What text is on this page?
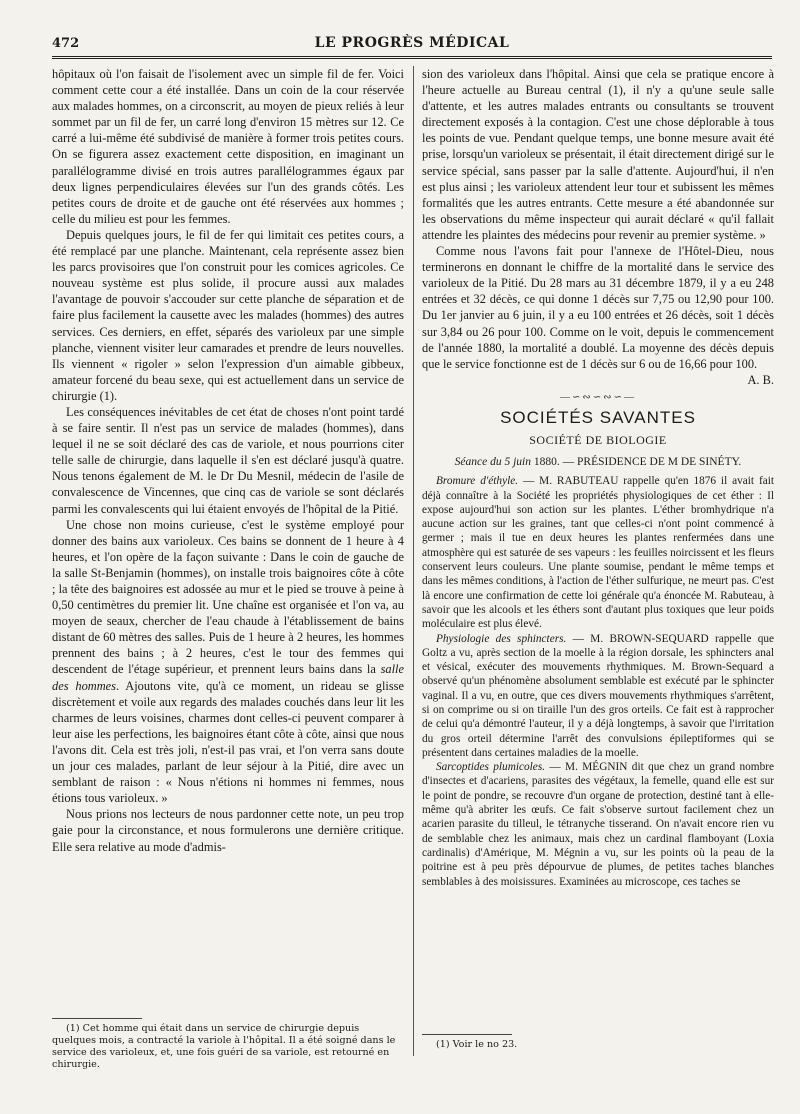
472	LE PROGRÈS MÉDICAL

hôpitaux où l'on faisait de l'isolement avec un simple fil de fer. Voici comment cette cour a été installée. Dans un coin de la cour réservée aux malades hommes, on a circonscrit, au moyen de pieux reliés à leur sommet par un fil de fer, un carré long d'environ 15 mètres sur 12. Ce carré a lui-même été subdivisé de manière à former trois petites cours. On se figurera assez exactement cette disposition, en imaginant un parallélogramme divisé en trois autres parallélogrammes égaux par deux lignes perpendiculaires élevées sur l'un des grands côtés. Les petites cours de droite et de gauche ont été réservées aux hommes ; celle du milieu est pour les femmes.

Depuis quelques jours, le fil de fer qui limitait ces petites cours, a été remplacé par une planche. Maintenant, cela représente assez bien les parcs provisoires que l'on construit pour les comices agricoles. Ce nouveau système est plus solide, il procure aussi aux malades l'avantage de pouvoir s'accouder sur cette planche de séparation et de faire plus facilement la causette avec les malades (hommes) des autres services. Ces derniers, en effet, séparés des varioleux par une simple planche, viennent visiter leur camarades et prendre de leurs nouvelles. Ils viennent « rigoler » selon l'expression d'un aimable gibbeux, amateur forcené du beau sexe, qui est actuellement dans un service de chirurgie (1).

Les conséquences inévitables de cet état de choses n'ont point tardé à se faire sentir. Il n'est pas un service de malades (hommes), dans lequel il ne se soit déclaré des cas de variole, et nous pourrions citer telle salle de chirurgie, dans laquelle il s'en est déclaré jusqu'à quatre. Nous tenons également de M. le Dr Du Mesnil, médecin de l'asile de convalescence de Vincennes, que cinq cas de variole se sont déclarés parmi les convalescents qui lui étaient envoyés de l'hôpital de la Pitié.

Une chose non moins curieuse, c'est le système employé pour donner des bains aux varioleux. Ces bains se donnent de 1 heure à 4 heures, et l'on opère de la façon suivante : Dans le coin de gauche de la salle St-Benjamin (hommes), on installe trois baignoires côte à côte ; la tête des baignoires est adossée au mur et le pied se trouve à peine à 0,50 centimètres du premier lit. Une chaîne est organisée et l'on va, au moyen de seaux, chercher de l'eau chaude à l'établissement de bains distant de 60 mètres des salles. Puis de 1 heure à 2 heures, les hommes prennent des bains ; à 2 heures, c'est le tour des femmes qui descendent de l'étage supérieur, et prennent leurs bains dans la salle des hommes. Ajoutons vite, qu'à ce moment, un rideau se glisse discrètement et voile aux regards des malades couchés dans leur lit les charmes de leurs voisines, charmes dont celles-ci peuvent comparer à leur aise les perfections, les baignoires étant côte à côte, ainsi que nous l'avons dit. Cela est très joli, n'est-il pas vrai, et l'on verra sans doute un jour ces malades, parlant de leur séjour à la Pitié, dire avec un semblant de raison : « Nous n'étions ni hommes ni femmes, nous étions tous varioleux. »

Nous prions nos lecteurs de nous pardonner cette note, un peu trop gaie pour la circonstance, et nous formulerons une dernière critique. Elle sera relative au mode d'admis-

(1) Cet homme qui était dans un service de chirurgie depuis quelques mois, a contracté la variole à l'hôpital. Il a été soigné dans le service des varioleux, et, une fois guéri de sa variole, est retourné en chirurgie.

sion des varioleux dans l'hôpital. Ainsi que cela se pratique encore à l'heure actuelle au Bureau central (1), il n'y a qu'une seule salle d'attente, et les autres malades entrants ou consultants se trouvent directement exposés à la contagion. C'est une chose déplorable à tous les points de vue. Pendant quelque temps, une bonne mesure avait été prise, lorsqu'un varioleux se présentait, il était directement dirigé sur le service spécial, sans passer par la salle d'attente. Aujourd'hui, il n'en est plus ainsi ; les varioleux attendent leur tour et subissent les mêmes formalités que les autres entrants. Cette mesure a été abandonnée sur les observations du même inspecteur qui aurait déclaré « qu'il fallait attendre les plaintes des médecins pour revenir au premier système. »

Comme nous l'avons fait pour l'annexe de l'Hôtel-Dieu, nous terminerons en donnant le chiffre de la mortalité dans le service des varioleux de la Pitié. Du 28 mars au 31 décembre 1879, il y a eu 248 entrées et 32 décès, ce qui donne 1 décès sur 7,75 ou 12,90 pour 100. Du 1er janvier au 6 juin, il y a eu 100 entrées et 26 décès, soit 1 décès sur 3,84 ou 26 pour 100. Comme on le voit, depuis le commencement de l'année 1880, la mortalité a doublé. La moyenne des décès depuis que le service fonctionne est de 1 décès sur 6 ou de 16,66 pour 100.

A. B.

—∽∾∽∾∽—
SOCIÉTÉS SAVANTES
SOCIÉTÉ DE BIOLOGIE
Séance du 5 juin 1880. — PRÉSIDENCE DE M DE SINÉTY.

Bromure d'éthyle. — M. RABUTEAU rappelle qu'en 1876 il avait fait déjà connaître à la Société les propriétés physiologiques de cet éther : Il expose aujourd'hui son action sur les plantes. L'éther bromhydrique n'a aucune action sur les graines, tant que celles-ci n'ont point commencé à germer ; mais il tue en deux heures les plantes renfermées dans une atmosphère qui est saturée de ses vapeurs : les feuilles noircissent et les fleurs conservent leurs couleurs. Une plante soumise, pendant le même temps et dans les mêmes conditions, à l'action de l'éther sulfurique, ne meurt pas. C'est là encore une confirmation de cette loi générale qu'a énoncée M. Rabuteau, à savoir que les alcools et les éthers sont d'autant plus toxiques que leur poids moléculaire est plus élevé.

Physiologie des sphincters. — M. BROWN-SEQUARD rappelle que Goltz a vu, après section de la moelle à la région dorsale, les sphincters anal et vésical, exécuter des mouvements rhythmiques. M. Brown-Sequard a observé qu'un phénomène absolument semblable est exécuté par le sphincter vaginal. Il a vu, en outre, que ces divers mouvements rhythmiques s'arrêtent, si on comprime ou si on tiraille l'un des gros orteils. Ce fait est à rapprocher de celui qu'a démontré l'auteur, il y a déjà longtemps, à savoir que l'irritation du gros orteil détermine l'arrêt des convulsions épileptiformes qui se présentent dans certaines maladies de la moelle.

Sarcoptides plumicoles. — M. MÉGNIN dit que chez un grand nombre d'insectes et d'acariens, parasites des végétaux, la femelle, quand elle est sur le point de pondre, se recouvre d'un organe de protection, destiné tant à elle-même qu'à abriter les œufs. Ce fait s'observe surtout facilement chez un acarien parasite du tilleul, le tétranyche tisserand. On n'avait encore rien vu de semblable chez les animaux, mais chez un cardinal flamboyant (Loxia cardinalis) d'Amérique, M. Mégnin a vu, sur les points où la peau de la poitrine est à peu près dépourvue de plumes, de petites taches blanches semblables à des moisissures. Examinées au microscope, ces taches se

(1) Voir le no 23.
